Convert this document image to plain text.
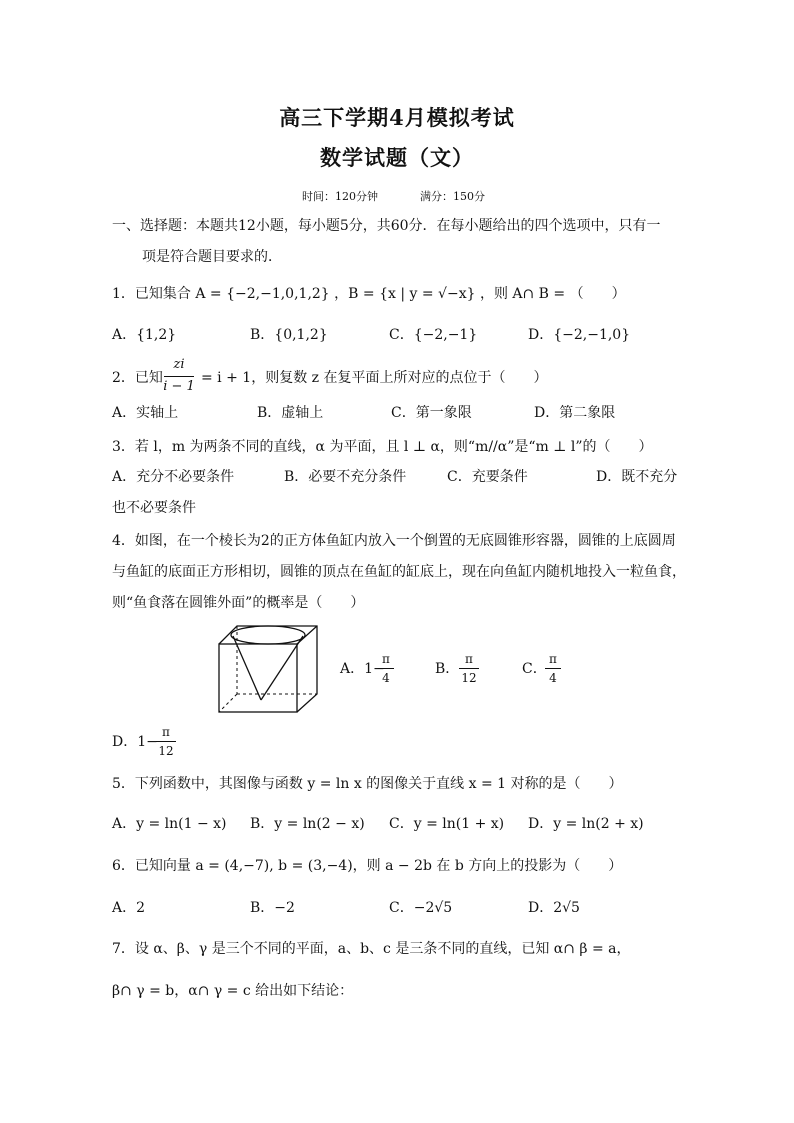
高三下学期4月模拟考试
数学试题（文）
时间：120分钟	满分：150分
一、选择题：本题共12小题，每小题5分，共60分．在每小题给出的四个选项中，只有一
项是符合题目要求的．
1．已知集合 A = {−2,−1,0,1,2} ，B = {x | y = √−x} ，则 A∩ B = （　　）
A．{1,2}	B．{0,1,2}	C．{−2,−1}	D．{−2,−1,0}
2．已知
zi
i − 1
= i + 1，则复数 z 在复平面上所对应的点位于（　　）
A．实轴上	B．虚轴上	C．第一象限	D．第二象限
3．若 l，m 为两条不同的直线，α 为平面，且 l ⊥ α，则“m//α”是“m ⊥ l”的（　　）
A．充分不必要条件	B．必要不充分条件	C．充要条件	D．既不充分
也不必要条件
4．如图，在一个棱长为2的正方体鱼缸内放入一个倒置的无底圆锥形容器，圆锥的上底圆周
与鱼缸的底面正方形相切，圆锥的顶点在鱼缸的缸底上，现在向鱼缸内随机地投入一粒鱼食，
则“鱼食落在圆锥外面”的概率是（　　）
A．1−
π
4
B．
π
12
C．
π
4
D．1−
π
12
5．下列函数中，其图像与函数 y = ln x 的图像关于直线 x = 1 对称的是（　　）
A．y = ln(1 − x) B．y = ln(2 − x) C．y = ln(1 + x) D．y = ln(2 + x)
6．已知向量 a = (4,−7), b = (3,−4)，则 a − 2b 在 b 方向上的投影为（　　）
A．2	B．−2	C．−2√5	D．2√5
7．设 α、β、γ 是三个不同的平面，a、b、c 是三条不同的直线，已知 α∩ β = a，
β∩ γ = b，α∩ γ = c 给出如下结论：
